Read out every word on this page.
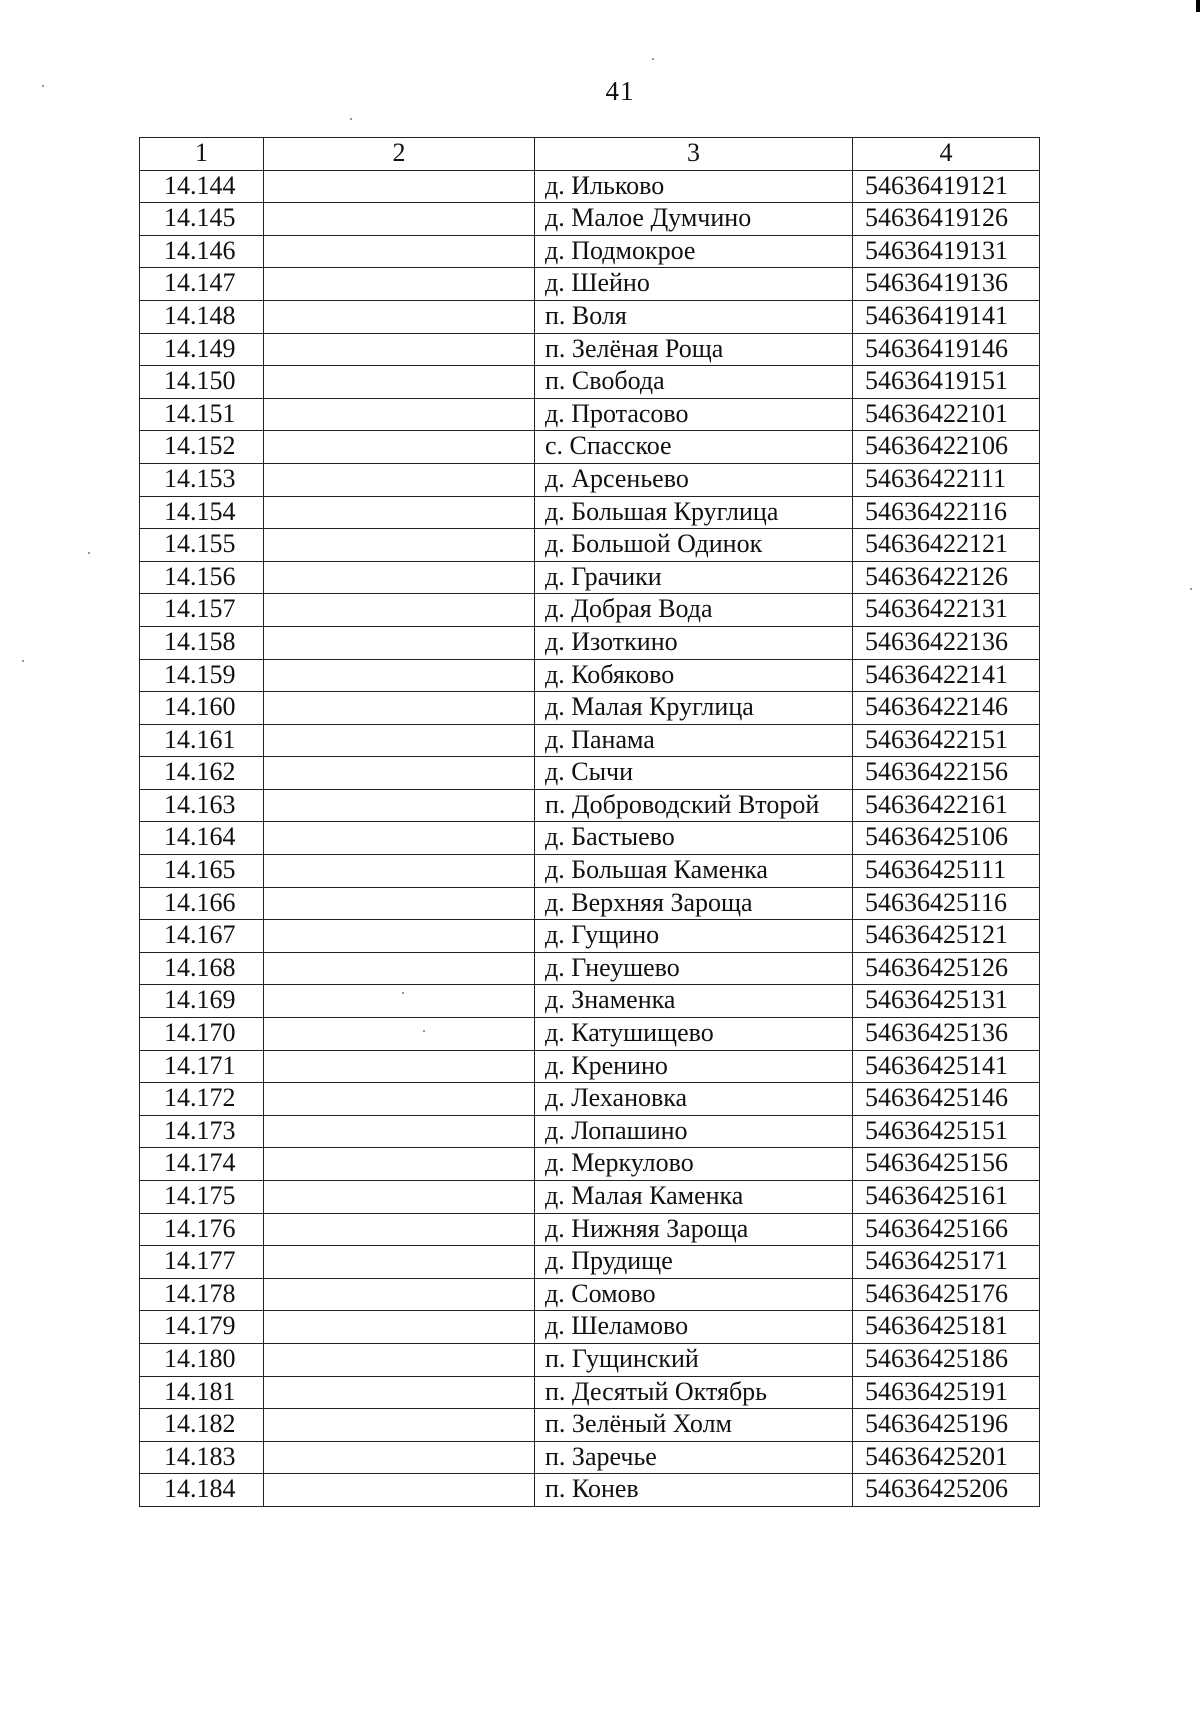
41
1	2	3	4
14.144		д. Ильково	54636419121
14.145		д. Малое Думчино	54636419126
14.146		д. Подмокрое	54636419131
14.147		д. Шейно	54636419136
14.148		п. Воля	54636419141
14.149		п. Зелёная Роща	54636419146
14.150		п. Свобода	54636419151
14.151		д. Протасово	54636422101
14.152		с. Спасское	54636422106
14.153		д. Арсеньево	54636422111
14.154		д. Большая Круглица	54636422116
14.155		д. Большой Одинок	54636422121
14.156		д. Грачики	54636422126
14.157		д. Добрая Вода	54636422131
14.158		д. Изоткино	54636422136
14.159		д. Кобяково	54636422141
14.160		д. Малая Круглица	54636422146
14.161		д. Панама	54636422151
14.162		д. Сычи	54636422156
14.163		п. Доброводский Второй	54636422161
14.164		д. Бастыево	54636425106
14.165		д. Большая Каменка	54636425111
14.166		д. Верхняя Зароща	54636425116
14.167		д. Гущино	54636425121
14.168		д. Гнеушево	54636425126
14.169		д. Знаменка	54636425131
14.170		д. Катушищево	54636425136
14.171		д. Кренино	54636425141
14.172		д. Лехановка	54636425146
14.173		д. Лопашино	54636425151
14.174		д. Меркулово	54636425156
14.175		д. Малая Каменка	54636425161
14.176		д. Нижняя Зароща	54636425166
14.177		д. Прудище	54636425171
14.178		д. Сомово	54636425176
14.179		д. Шеламово	54636425181
14.180		п. Гущинский	54636425186
14.181		п. Десятый Октябрь	54636425191
14.182		п. Зелёный Холм	54636425196
14.183		п. Заречье	54636425201
14.184		п. Конев	54636425206
